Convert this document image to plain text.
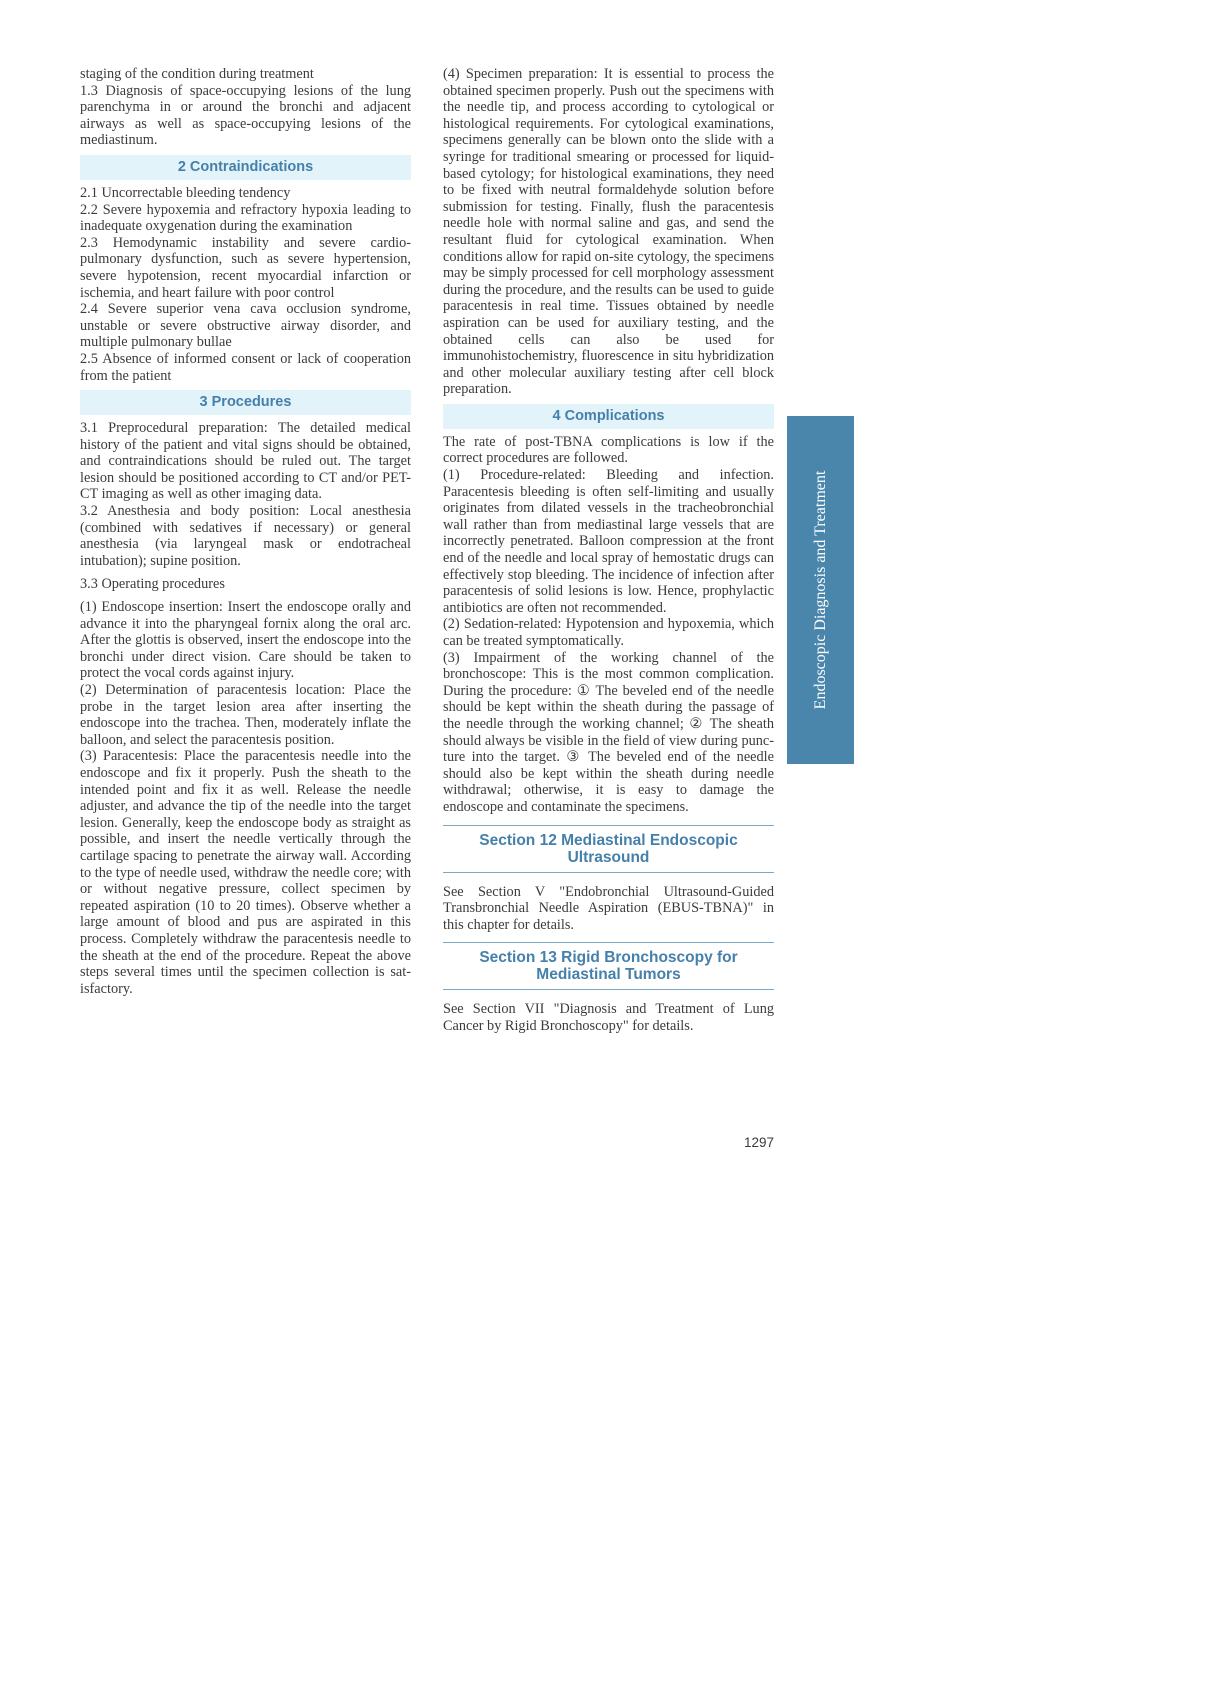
staging of the condition during treatment

1.3 Diagnosis of space-occupying lesions of the lung parenchyma in or around the bronchi and adjacent airways as well as space-occupying lesions of the mediastinum.

2 Contraindications

2.1 Uncorrectable bleeding tendency

2.2 Severe hypoxemia and refractory hypoxia leading to inadequate oxygenation during the examination

2.3 Hemodynamic instability and severe cardiopulmonary dysfunction, such as severe hypertension, severe hypotension, recent myocardial infarction or ischemia, and heart failure with poor control

2.4 Severe superior vena cava occlusion syndrome, unstable or severe obstructive airway disorder, and multiple pulmonary bullae

2.5 Absence of informed consent or lack of cooperation from the patient

3 Procedures

3.1 Preprocedural preparation: The detailed medical history of the patient and vital signs should be obtained, and contraindications should be ruled out. The target lesion should be positioned according to CT and/or PET-CT imaging as well as other imaging data.

3.2 Anesthesia and body position: Local anesthesia (combined with sedatives if necessary) or general anesthesia (via laryngeal mask or endotracheal intubation); supine position.

3.3 Operating procedures

(1) Endoscope insertion: Insert the endoscope orally and advance it into the pharyngeal fornix along the oral arc. After the glottis is observed, insert the endoscope into the bronchi under direct vision. Care should be taken to protect the vocal cords against injury.

(2) Determination of paracentesis location: Place the probe in the target lesion area after inserting the endoscope into the trachea. Then, moderately inflate the balloon, and select the paracentesis position.

(3) Paracentesis: Place the paracentesis needle into the endoscope and fix it properly. Push the sheath to the intended point and fix it as well. Release the needle adjuster, and advance the tip of the needle into the target lesion. Generally, keep the endoscope body as straight as possible, and insert the needle vertically through the cartilage spacing to penetrate the airway wall. According to the type of needle used, withdraw the needle core; with or without negative pressure, collect specimen by repeated aspiration (10 to 20 times). Observe whether a large amount of blood and pus are aspirated in this process. Completely withdraw the paracentesis needle to the sheath at the end of the procedure. Repeat the above steps several times until the specimen collection is satisfactory.

(4) Specimen preparation: It is essential to process the obtained specimen properly. Push out the specimens with the needle tip, and process according to cytological or histological requirements. For cytological examinations, specimens generally can be blown onto the slide with a syringe for traditional smearing or processed for liquid-based cytology; for histological examinations, they need to be fixed with neutral formaldehyde solution before submission for testing. Finally, flush the paracentesis needle hole with normal saline and gas, and send the resultant fluid for cytological examination. When conditions allow for rapid on-site cytology, the specimens may be simply processed for cell morphology assessment during the procedure, and the results can be used to guide paracentesis in real time. Tissues obtained by needle aspiration can be used for auxiliary testing, and the obtained cells can also be used for immunohistochemistry, fluorescence in situ hybridization and other molecular auxiliary testing after cell block preparation.

4 Complications

The rate of post-TBNA complications is low if the correct procedures are followed.

(1) Procedure-related: Bleeding and infection. Paracentesis bleeding is often self-limiting and usually originates from dilated vessels in the tracheobronchial wall rather than from mediastinal large vessels that are incorrectly penetrated. Balloon compression at the front end of the needle and local spray of hemostatic drugs can effectively stop bleeding. The incidence of infection after paracentesis of solid lesions is low. Hence, prophylactic antibiotics are often not recommended.

(2) Sedation-related: Hypotension and hypoxemia, which can be treated symptomatically.

(3) Impairment of the working channel of the bronchoscope: This is the most common complication. During the procedure: ① The beveled end of the needle should be kept within the sheath during the passage of the needle through the working channel; ② The sheath should always be visible in the field of view during puncture into the target. ③ The beveled end of the needle should also be kept within the sheath during needle withdrawal; otherwise, it is easy to damage the endoscope and contaminate the specimens.

Section 12 Mediastinal Endoscopic
Ultrasound

See Section V "Endobronchial Ultrasound-Guided Transbronchial Needle Aspiration (EBUS-TBNA)" in this chapter for details.

Section 13 Rigid Bronchoscopy for
Mediastinal Tumors

See Section VII "Diagnosis and Treatment of Lung Cancer by Rigid Bronchoscopy" for details.

Endoscopic Diagnosis and Treatment
1297
